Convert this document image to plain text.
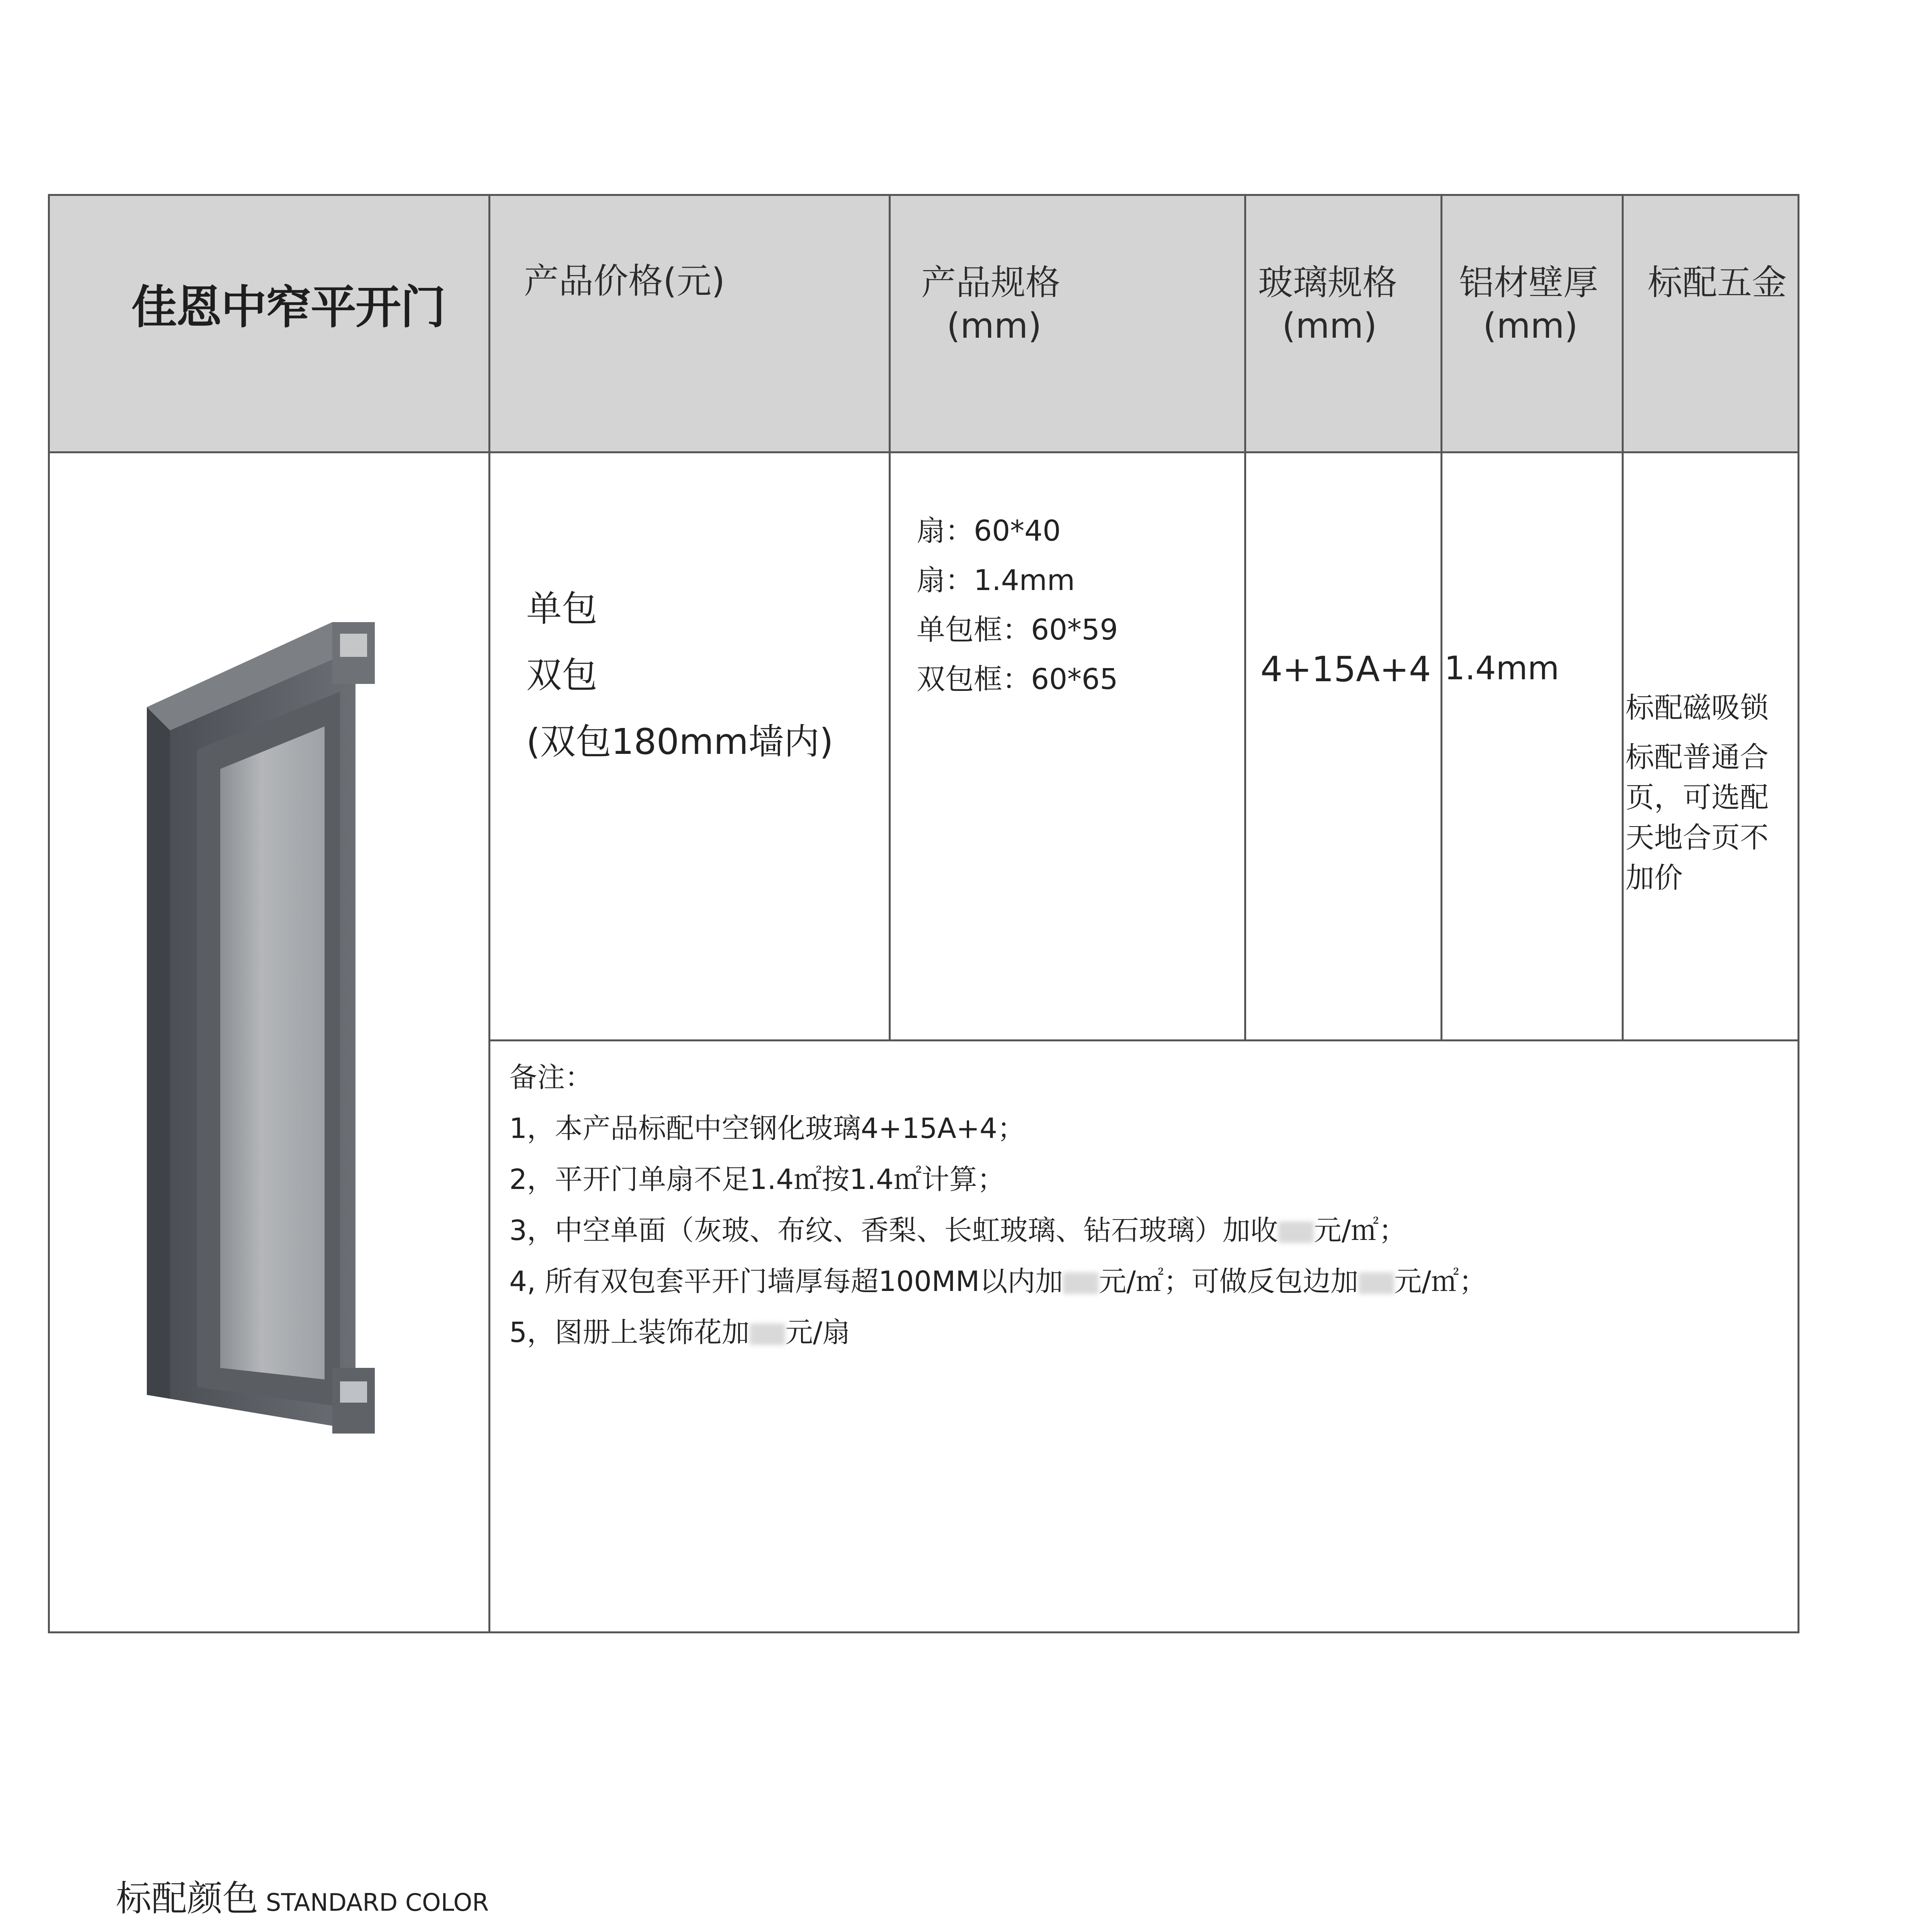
佳恩中窄平开门 产品价格(元)	产品规格
(mm)
玻璃规格
(mm)
铝材壁厚
(mm)
标配五金
单包
双包
(双包180mm墙内)
扇：60*40
扇：1.4mm
单包框：60*59
双包框：60*65	4+15A+4 1.4mm
标配磁吸锁
标配普通合页，可选配天地合页不加价
备注：
1，本产品标配中空钢化玻璃4+15A+4；
2，平开门单扇不足1.4㎡按1.4㎡计算；
3，中空单面（灰玻、布纹、香梨、长虹玻璃、钻石玻璃）加收 元/㎡；
4, 所有双包套平开门墙厚每超100MM以内加 元/㎡；可做反包边加 元/㎡；
5，图册上装饰花加 元/扇
标配颜色 STANDARD COLOR
